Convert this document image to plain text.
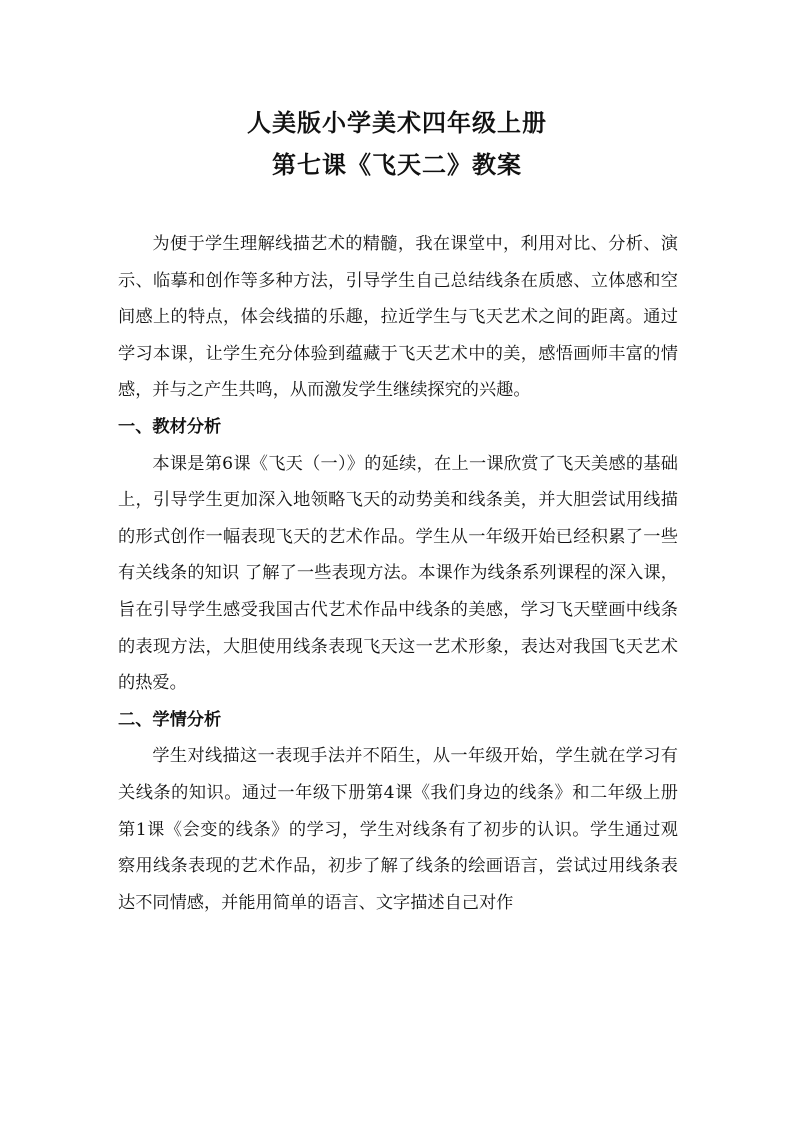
人美版小学美术四年级上册
第七课《飞天二》教案

为便于学生理解线描艺术的精髓，我在课堂中，利用对比、分析、演示、临摹和创作等多种方法，引导学生自己总结线条在质感、立体感和空间感上的特点，体会线描的乐趣，拉近学生与飞天艺术之间的距离。通过学习本课，让学生充分体验到蕴藏于飞天艺术中的美，感悟画师丰富的情感，并与之产生共鸣，从而激发学生继续探究的兴趣。

一、教材分析

本课是第6课《飞天（一）》的延续，在上一课欣赏了飞天美感的基础上，引导学生更加深入地领略飞天的动势美和线条美，并大胆尝试用线描的形式创作一幅表现飞天的艺术作品。学生从一年级开始已经积累了一些有关线条的知识 了解了一些表现方法。本课作为线条系列课程的深入课，旨在引导学生感受我国古代艺术作品中线条的美感，学习飞天壁画中线条的表现方法，大胆使用线条表现飞天这一艺术形象，表达对我国飞天艺术的热爱。

二、学情分析

学生对线描这一表现手法并不陌生，从一年级开始，学生就在学习有关线条的知识。通过一年级下册第4课《我们身边的线条》和二年级上册第1课《会变的线条》的学习，学生对线条有了初步的认识。学生通过观察用线条表现的艺术作品，初步了解了线条的绘画语言，尝试过用线条表达不同情感，并能用简单的语言、文字描述自己对作
